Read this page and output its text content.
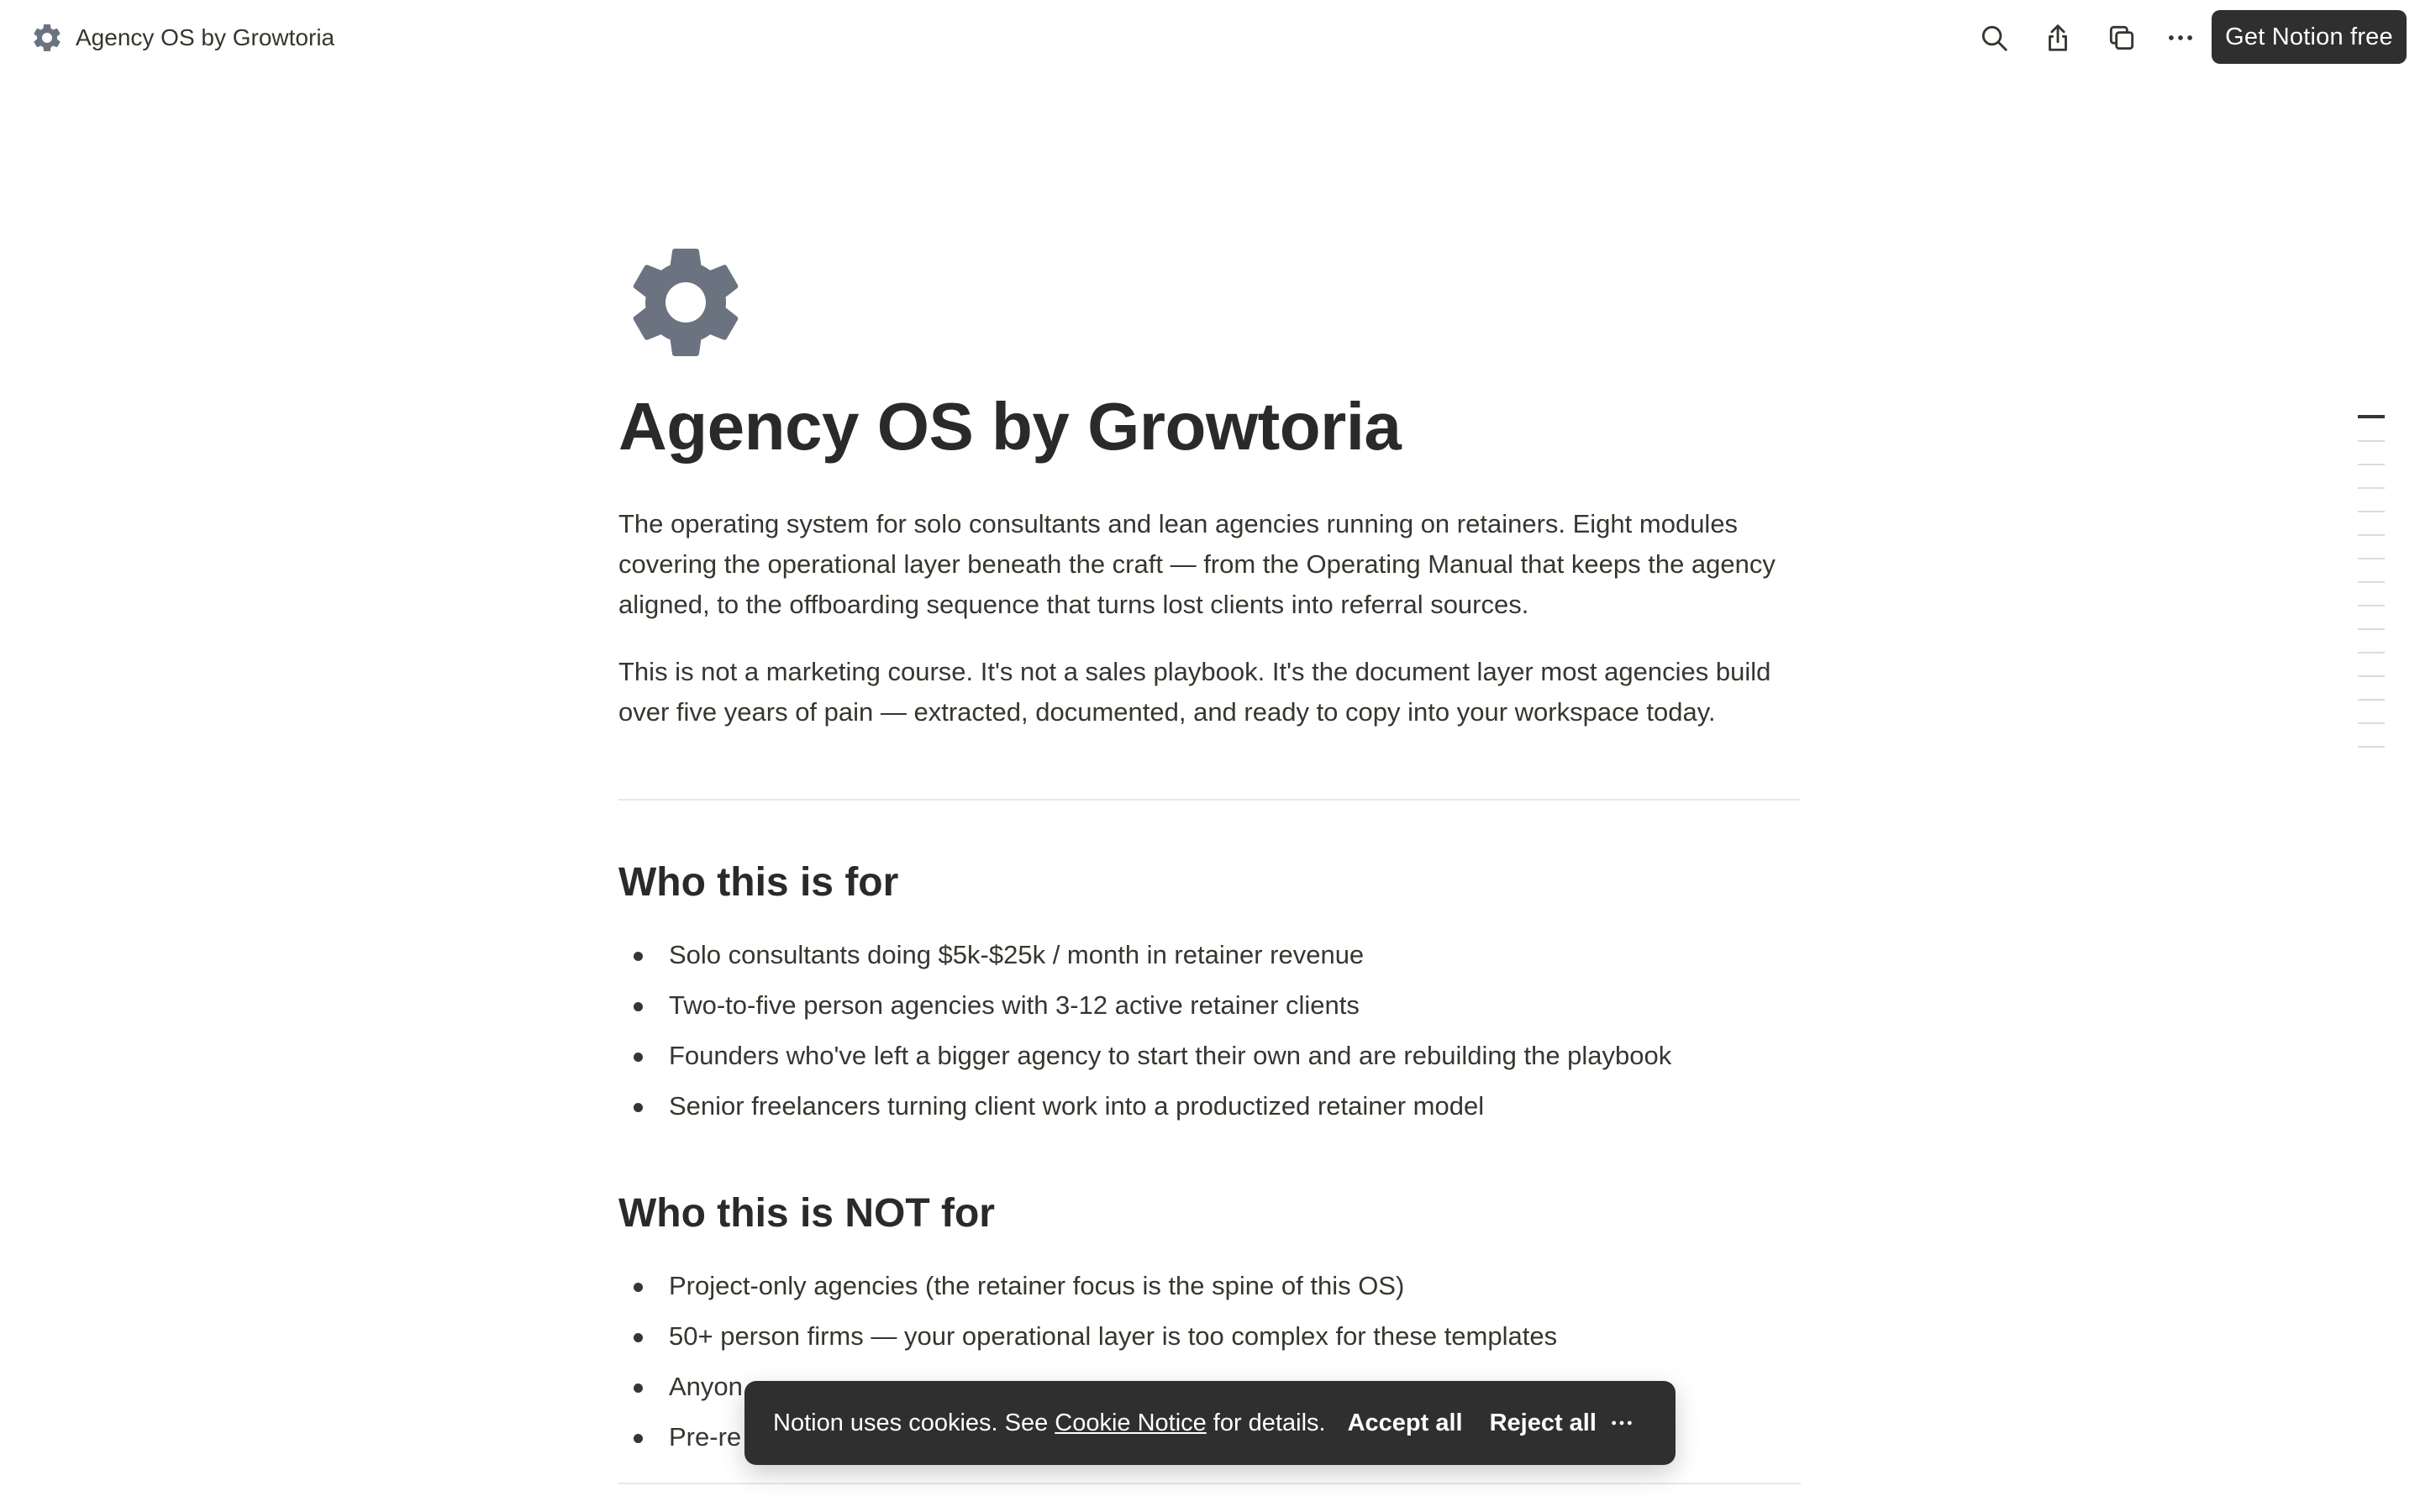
Agency OS by Growtoria	Get Notion free
Agency OS by Growtoria

The operating system for solo consultants and lean agencies running on retainers. Eight modules covering the operational layer beneath the craft — from the Operating Manual that keeps the agency aligned, to the offboarding sequence that turns lost clients into referral sources.

This is not a marketing course. It's not a sales playbook. It's the document layer most agencies build over five years of pain — extracted, documented, and ready to copy into your workspace today.

Who this is for
Solo consultants doing $5k-$25k / month in retainer revenue
Two-to-five person agencies with 3-12 active retainer clients
Founders who've left a bigger agency to start their own and are rebuilding the playbook
Senior freelancers turning client work into a productized retainer model
Who this is NOT for
Project-only agencies (the retainer focus is the spine of this OS)
50+ person firms — your operational layer is too complex for these templates
Anyon
Pre-re	Notion uses cookies. See Cookie Notice for details. Accept all Reject all
